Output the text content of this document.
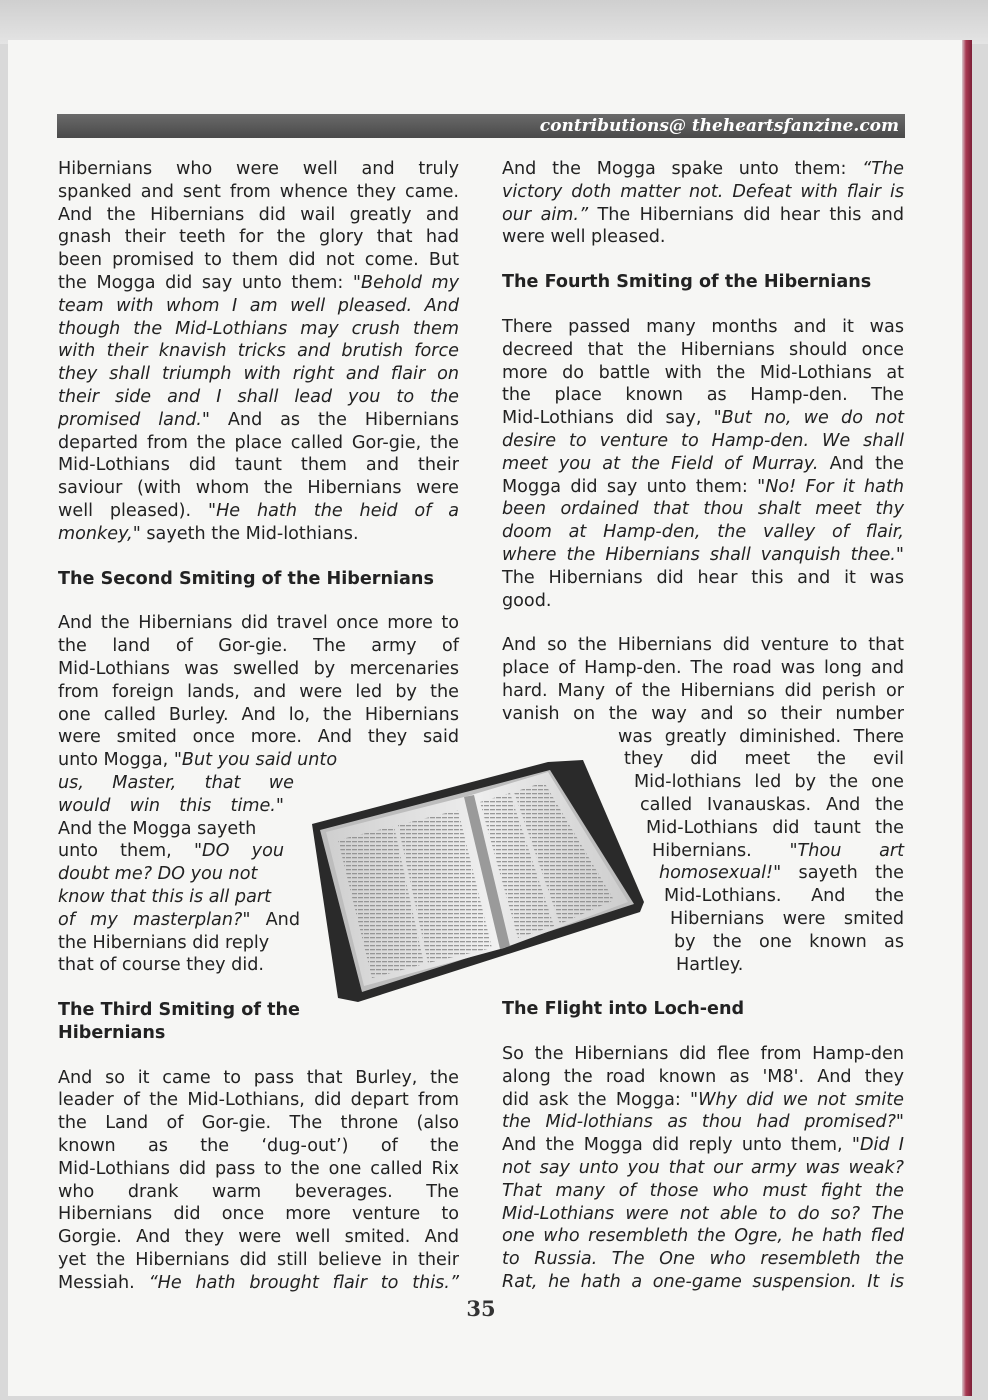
contributions@ theheartsfanzine.com

Hibernians who were well and truly
spanked and sent from whence they came.
And the Hibernians did wail greatly and
gnash their teeth for the glory that had
been promised to them did not come. But
the Mogga did say unto them: "Behold my
team with whom I am well pleased. And
though the Mid-Lothians may crush them
with their knavish tricks and brutish force
they shall triumph with right and flair on
their side and I shall lead you to the
promised land." And as the Hibernians
departed from the place called Gor-gie, the
Mid-Lothians did taunt them and their
saviour (with whom the Hibernians were
well pleased). "He hath the heid of a
monkey," sayeth the Mid-lothians.

The Second Smiting of the Hibernians

And the Hibernians did travel once more to
the land of Gor-gie. The army of
Mid-Lothians was swelled by mercenaries
from foreign lands, and were led by the
one called Burley. And lo, the Hibernians
were smited once more. And they said
unto Mogga, "But you said unto
us, Master, that we
would win this time."
And the Mogga sayeth
unto them, "DO you
doubt me? DO you not
know that this is all part
of my masterplan?" And
the Hibernians did reply
that of course they did.

The Third Smiting of the Hibernians

And so it came to pass that Burley, the
leader of the Mid-Lothians, did depart from
the Land of Gor-gie. The throne (also
known as the ‘dug-out’) of the
Mid-Lothians did pass to the one called Rix
who drank warm beverages. The
Hibernians did once more venture to
Gorgie. And they were well smited. And
yet the Hibernians did still believe in their
Messiah. “He hath brought flair to this.”

And the Mogga spake unto them: “The
victory doth matter not. Defeat with flair is
our aim.” The Hibernians did hear this and
were well pleased.

The Fourth Smiting of the Hibernians

There passed many months and it was
decreed that the Hibernians should once
more do battle with the Mid-Lothians at
the place known as Hamp-den. The
Mid-Lothians did say, "But no, we do not
desire to venture to Hamp-den. We shall
meet you at the Field of Murray. And the
Mogga did say unto them: "No! For it hath
been ordained that thou shalt meet thy
doom at Hamp-den, the valley of flair,
where the Hibernians shall vanquish thee."
The Hibernians did hear this and it was
good.

And so the Hibernians did venture to that
place of Hamp-den. The road was long and
hard. Many of the Hibernians did perish or
vanish on the way and so their number
was greatly diminished. There
they did meet the evil
Mid-lothians led by the one
called Ivanauskas. And the
Mid-Lothians did taunt the
Hibernians. "Thou art
homosexual!" sayeth the
Mid-Lothians. And the
Hibernians were smited
by the one known as
Hartley.

The Flight into Loch-end

So the Hibernians did flee from Hamp-den
along the road known as 'M8'. And they
did ask the Mogga: "Why did we not smite
the Mid-lothians as thou had promised?"
And the Mogga did reply unto them, "Did I
not say unto you that our army was weak?
That many of those who must fight the
Mid-Lothians were not able to do so? The
one who resembleth the Ogre, he hath fled
to Russia. The One who resembleth the
Rat, he hath a one-game suspension. It is

35
